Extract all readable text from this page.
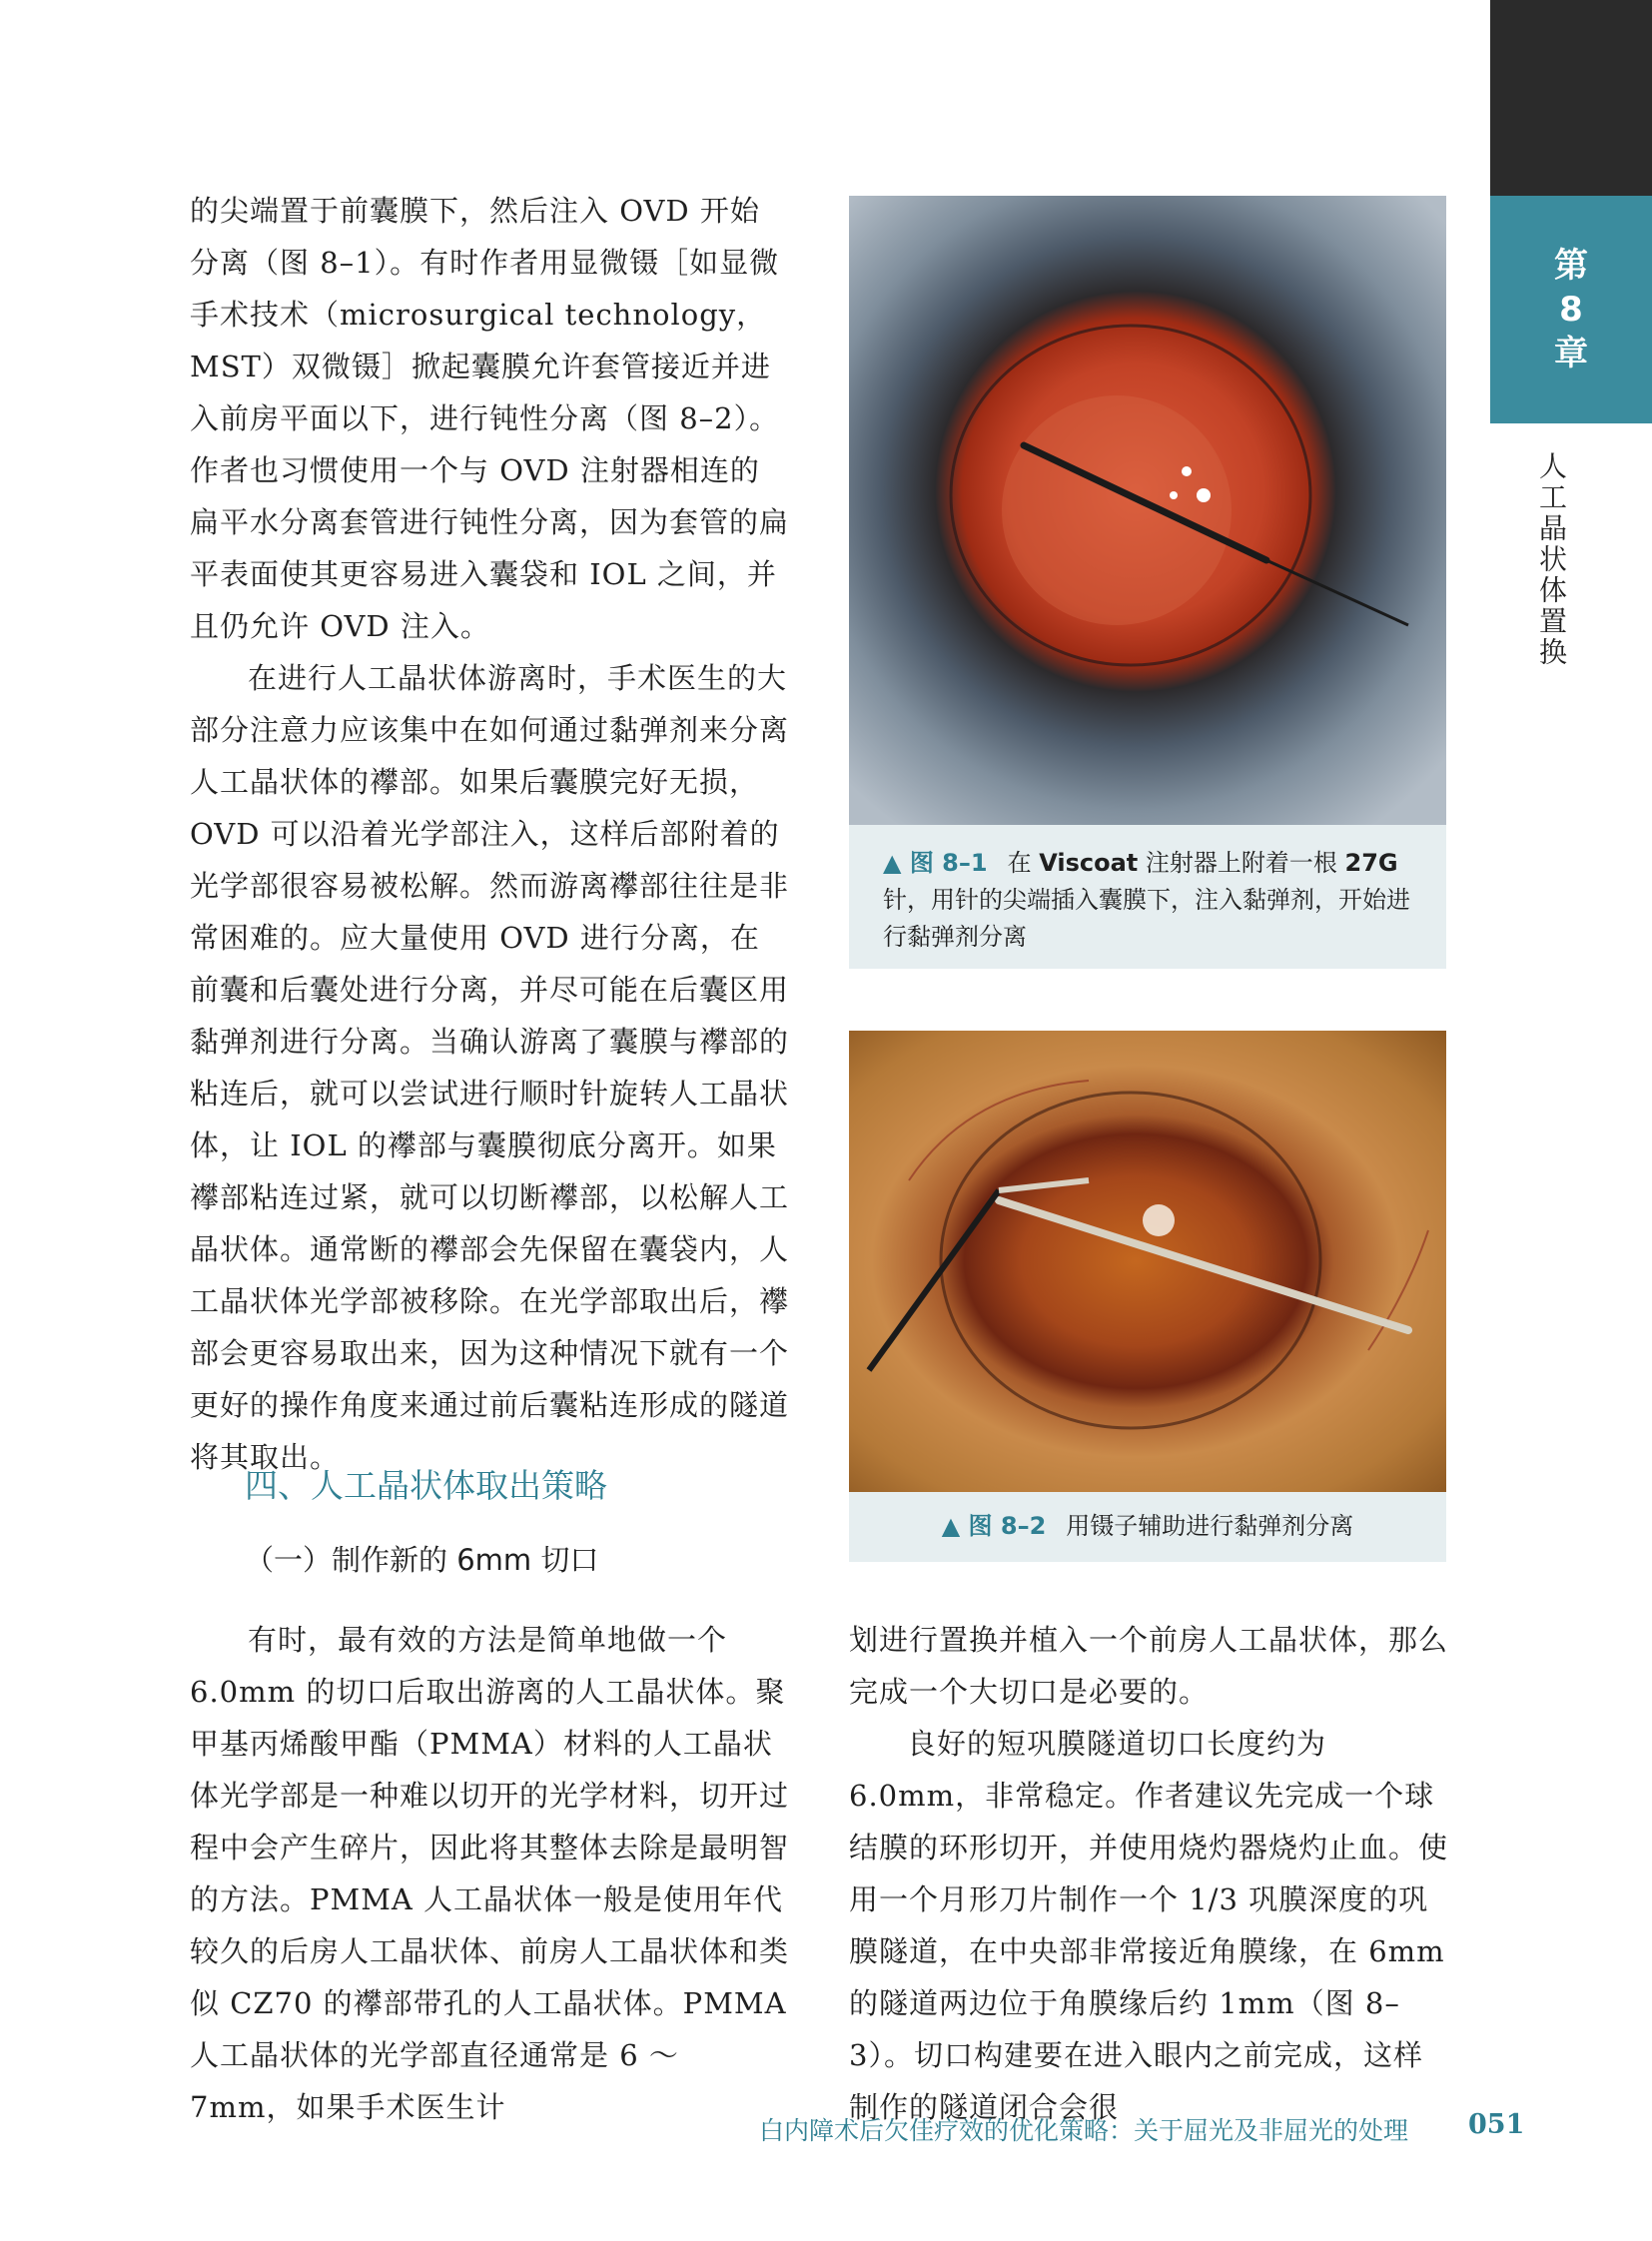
第
8
章
人工晶状体置换

的尖端置于前囊膜下，然后注入 OVD 开始分离（图 8–1）。有时作者用显微镊［如显微手术技术（microsurgical technology，MST）双微镊］掀起囊膜允许套管接近并进入前房平面以下，进行钝性分离（图 8–2）。作者也习惯使用一个与 OVD 注射器相连的扁平水分离套管进行钝性分离，因为套管的扁平表面使其更容易进入囊袋和 IOL 之间，并且仍允许 OVD 注入。

在进行人工晶状体游离时，手术医生的大部分注意力应该集中在如何通过黏弹剂来分离人工晶状体的襻部。如果后囊膜完好无损，OVD 可以沿着光学部注入，这样后部附着的光学部很容易被松解。然而游离襻部往往是非常困难的。应大量使用 OVD 进行分离，在前囊和后囊处进行分离，并尽可能在后囊区用黏弹剂进行分离。当确认游离了囊膜与襻部的粘连后，就可以尝试进行顺时针旋转人工晶状体，让 IOL 的襻部与囊膜彻底分离开。如果襻部粘连过紧，就可以切断襻部，以松解人工晶状体。通常断的襻部会先保留在囊袋内，人工晶状体光学部被移除。在光学部取出后，襻部会更容易取出来，因为这种情况下就有一个更好的操作角度来通过前后囊粘连形成的隧道将其取出。

四、人工晶状体取出策略
（一）制作新的 6mm 切口

有时，最有效的方法是简单地做一个 6.0mm 的切口后取出游离的人工晶状体。聚甲基丙烯酸甲酯（PMMA）材料的人工晶状体光学部是一种难以切开的光学材料，切开过程中会产生碎片，因此将其整体去除是最明智的方法。PMMA 人工晶状体一般是使用年代较久的后房人工晶状体、前房人工晶状体和类似 CZ70 的襻部带孔的人工晶状体。PMMA 人工晶状体的光学部直径通常是 6 ～ 7mm，如果手术医生计

▲ 图 8–1 在 Viscoat 注射器上附着一根 27G 针，用针的尖端插入囊膜下，注入黏弹剂，开始进行黏弹剂分离
▲ 图 8–2 用镊子辅助进行黏弹剂分离

划进行置换并植入一个前房人工晶状体，那么完成一个大切口是必要的。

良好的短巩膜隧道切口长度约为 6.0mm，非常稳定。作者建议先完成一个球结膜的环形切开，并使用烧灼器烧灼止血。使用一个月形刀片制作一个 1/3 巩膜深度的巩膜隧道，在中央部非常接近角膜缘，在 6mm 的隧道两边位于角膜缘后约 1mm（图 8–3）。切口构建要在进入眼内之前完成，这样制作的隧道闭合会很

白内障术后欠佳疗效的优化策略：关于屈光及非屈光的处理 051
